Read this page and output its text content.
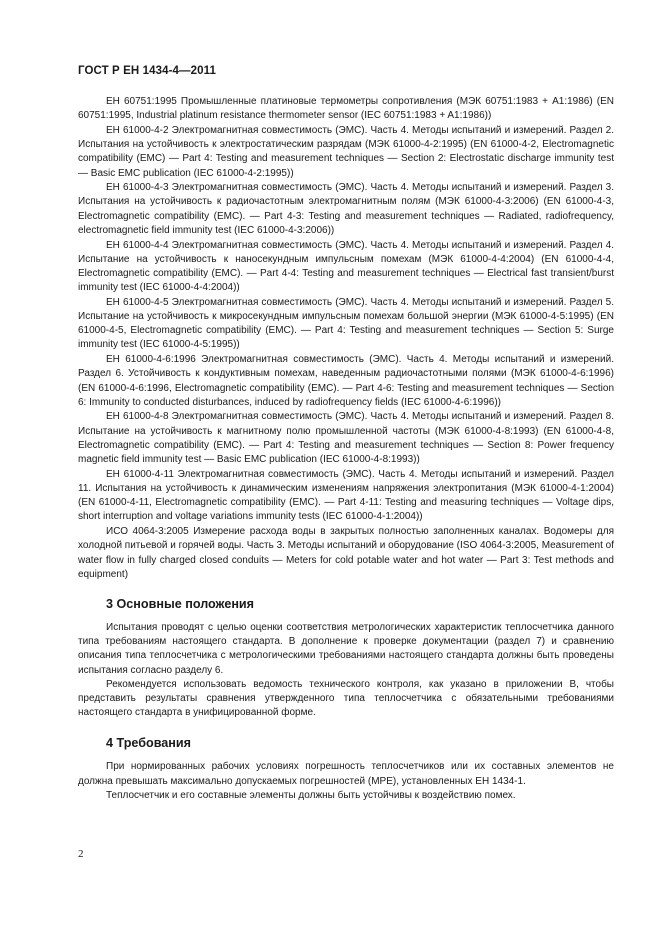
ГОСТ Р ЕН 1434-4—2011

ЕН 60751:1995 Промышленные платиновые термометры сопротивления (МЭК 60751:1983 + А1:1986) (EN 60751:1995, Industrial platinum resistance thermometer sensor (IEC 60751:1983 + A1:1986))

ЕН 61000-4-2 Электромагнитная совместимость (ЭМС). Часть 4. Методы испытаний и измерений. Раздел 2. Испытания на устойчивость к электростатическим разрядам (МЭК 61000-4-2:1995) (EN 61000-4-2, Electromagnetic compatibility (EMC) — Part 4: Testing and measurement techniques — Section 2: Electrostatic discharge immunity test — Basic EMC publication (IEC 61000-4-2:1995))

ЕН 61000-4-3 Электромагнитная совместимость (ЭМС). Часть 4. Методы испытаний и измерений. Раздел 3. Испытания на устойчивость к радиочастотным электромагнитным полям (МЭК 61000-4-3:2006) (EN 61000-4-3, Electromagnetic compatibility (EMC). — Part 4-3: Testing and measurement techniques — Radiated, radiofrequency, electromagnetic field immunity test (IEC 61000-4-3:2006))

ЕН 61000-4-4 Электромагнитная совместимость (ЭМС). Часть 4. Методы испытаний и измерений. Раздел 4. Испытание на устойчивость к наносекундным импульсным помехам (МЭК 61000-4-4:2004) (EN 61000-4-4, Electromagnetic compatibility (EMC). — Part 4-4: Testing and measurement techniques — Electrical fast transient/burst immunity test (IEC 61000-4-4:2004))

ЕН 61000-4-5 Электромагнитная совместимость (ЭМС). Часть 4. Методы испытаний и измерений. Раздел 5. Испытание на устойчивость к микросекундным импульсным помехам большой энергии (МЭК 61000-4-5:1995) (EN 61000-4-5, Electromagnetic compatibility (EMC). — Part 4: Testing and measurement techniques — Section 5: Surge immunity test (IEC 61000-4-5:1995))

ЕН 61000-4-6:1996 Электромагнитная совместимость (ЭМС). Часть 4. Методы испытаний и измерений. Раздел 6. Устойчивость к кондуктивным помехам, наведенным радиочастотными полями (МЭК 61000-4-6:1996) (EN 61000-4-6:1996, Electromagnetic compatibility (EMC). — Part 4-6: Testing and measurement techniques — Section 6: Immunity to conducted disturbances, induced by radiofrequency fields (IEC 61000-4-6:1996))

ЕН 61000-4-8 Электромагнитная совместимость (ЭМС). Часть 4. Методы испытаний и измерений. Раздел 8. Испытание на устойчивость к магнитному полю промышленной частоты (МЭК 61000-4-8:1993) (EN 61000-4-8, Electromagnetic compatibility (EMC). — Part 4: Testing and measurement techniques — Section 8: Power frequency magnetic field immunity test — Basic EMC publication (IEC 61000-4-8:1993))

ЕН 61000-4-11 Электромагнитная совместимость (ЭМС). Часть 4. Методы испытаний и измерений. Раздел 11. Испытания на устойчивость к динамическим изменениям напряжения электропитания (МЭК 61000-4-1:2004) (EN 61000-4-11, Electromagnetic compatibility (EMC). — Part 4-11: Testing and measuring techniques — Voltage dips, short interruption and voltage variations immunity tests (IEC 61000-4-1:2004))

ИСО 4064-3:2005 Измерение расхода воды в закрытых полностью заполненных каналах. Водомеры для холодной питьевой и горячей воды. Часть 3. Методы испытаний и оборудование (ISO 4064-3:2005, Measurement of water flow in fully charged closed conduits — Meters for cold potable water and hot water — Part 3: Test methods and equipment)

3 Основные положения

Испытания проводят с целью оценки соответствия метрологических характеристик теплосчетчика данного типа требованиям настоящего стандарта. В дополнение к проверке документации (раздел 7) и сравнению описания типа теплосчетчика с метрологическими требованиями настоящего стандарта должны быть проведены испытания согласно разделу 6.

Рекомендуется использовать ведомость технического контроля, как указано в приложении В, чтобы представить результаты сравнения утвержденного типа теплосчетчика с обязательными требованиями настоящего стандарта в унифицированной форме.

4 Требования

При нормированных рабочих условиях погрешность теплосчетчиков или их составных элементов не должна превышать максимально допускаемых погрешностей (МРЕ), установленных ЕН 1434-1.

Теплосчетчик и его составные элементы должны быть устойчивы к воздействию помех.

2
